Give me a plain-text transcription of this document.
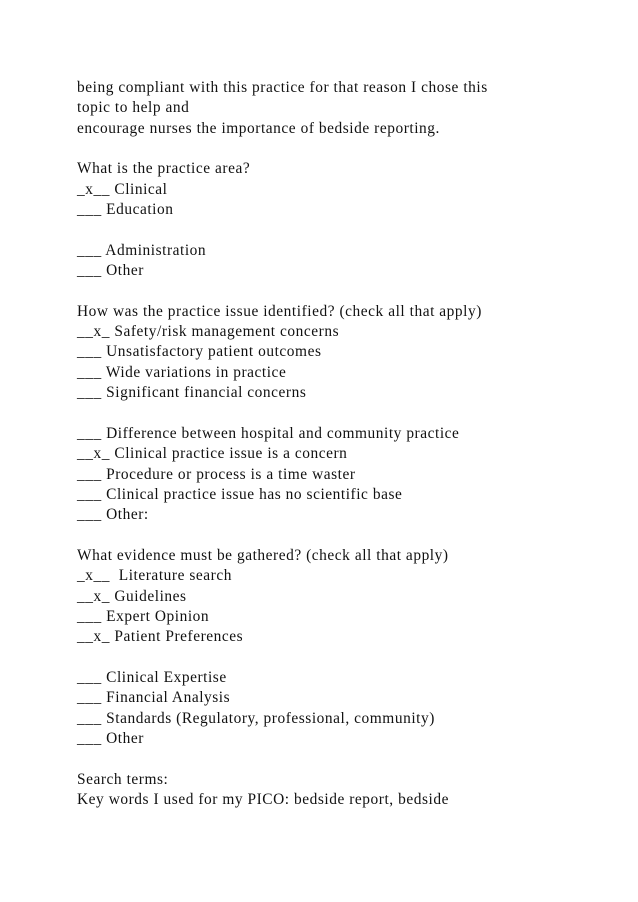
being compliant with this practice for that reason I chose this
topic to help and
encourage nurses the importance of bedside reporting.
What is the practice area?
_x__ Clinical
___ Education
___ Administration
___ Other
How was the practice issue identified? (check all that apply)
__x_ Safety/risk management concerns
___ Unsatisfactory patient outcomes
___ Wide variations in practice
___ Significant financial concerns
___ Difference between hospital and community practice
__x_ Clinical practice issue is a concern
___ Procedure or process is a time waster
___ Clinical practice issue has no scientific base
___ Other:
What evidence must be gathered? (check all that apply)
_x__  Literature search
__x_ Guidelines
___ Expert Opinion
__x_ Patient Preferences
___ Clinical Expertise
___ Financial Analysis
___ Standards (Regulatory, professional, community)
___ Other
Search terms:
Key words I used for my PICO: bedside report, bedside
